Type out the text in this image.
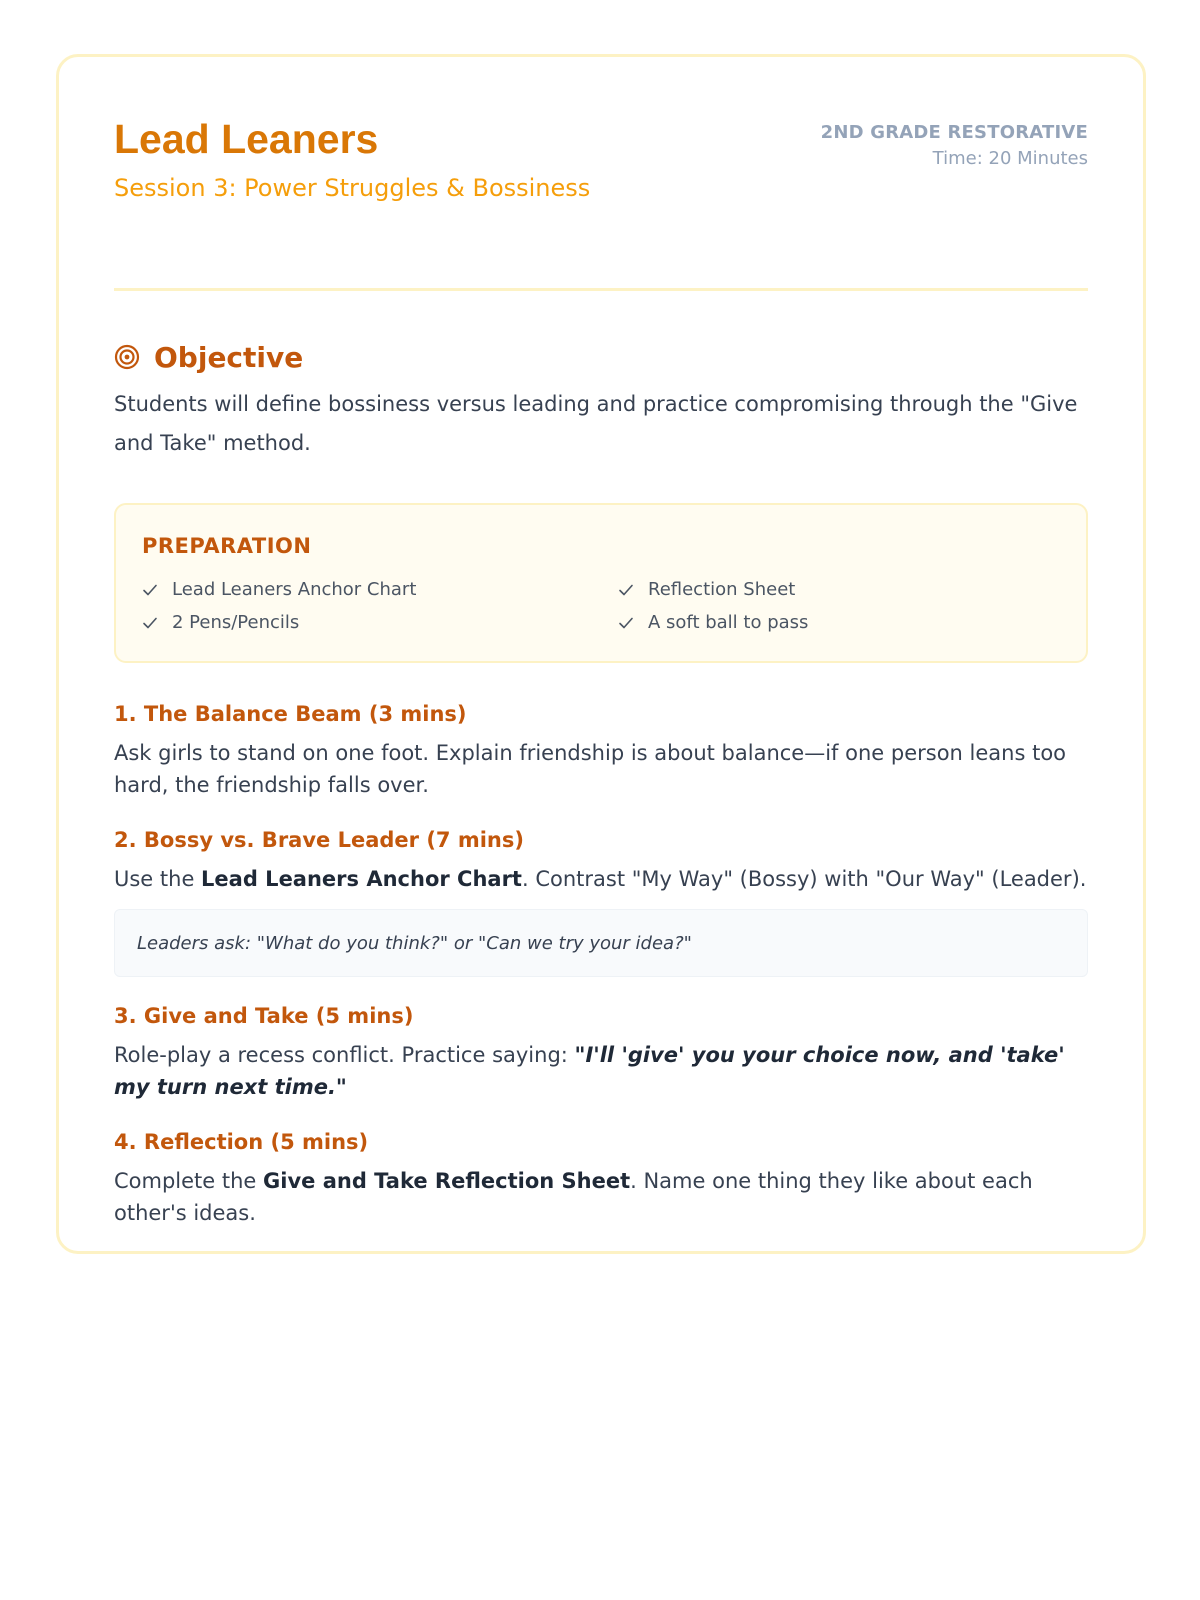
Lead Leaners
Session 3: Power Struggles & Bossiness
2ND GRADE RESTORATIVE
Time: 20 Minutes
Objective
Students will define bossiness versus leading and practice compromising through the "Give and Take" method.
PREPARATION
Lead Leaners Anchor Chart	Reflection Sheet
2 Pens/Pencils	A soft ball to pass
1. The Balance Beam (3 mins)
Ask girls to stand on one foot. Explain friendship is about balance—if one person leans too hard, the friendship falls over.
2. Bossy vs. Brave Leader (7 mins)
Use the Lead Leaners Anchor Chart. Contrast "My Way" (Bossy) with "Our Way" (Leader).
Leaders ask: "What do you think?" or "Can we try your idea?"
3. Give and Take (5 mins)
Role-play a recess conflict. Practice saying: "I'll 'give' you your choice now, and 'take' my turn next time."
4. Reflection (5 mins)
Complete the Give and Take Reflection Sheet. Name one thing they like about each other's ideas.
